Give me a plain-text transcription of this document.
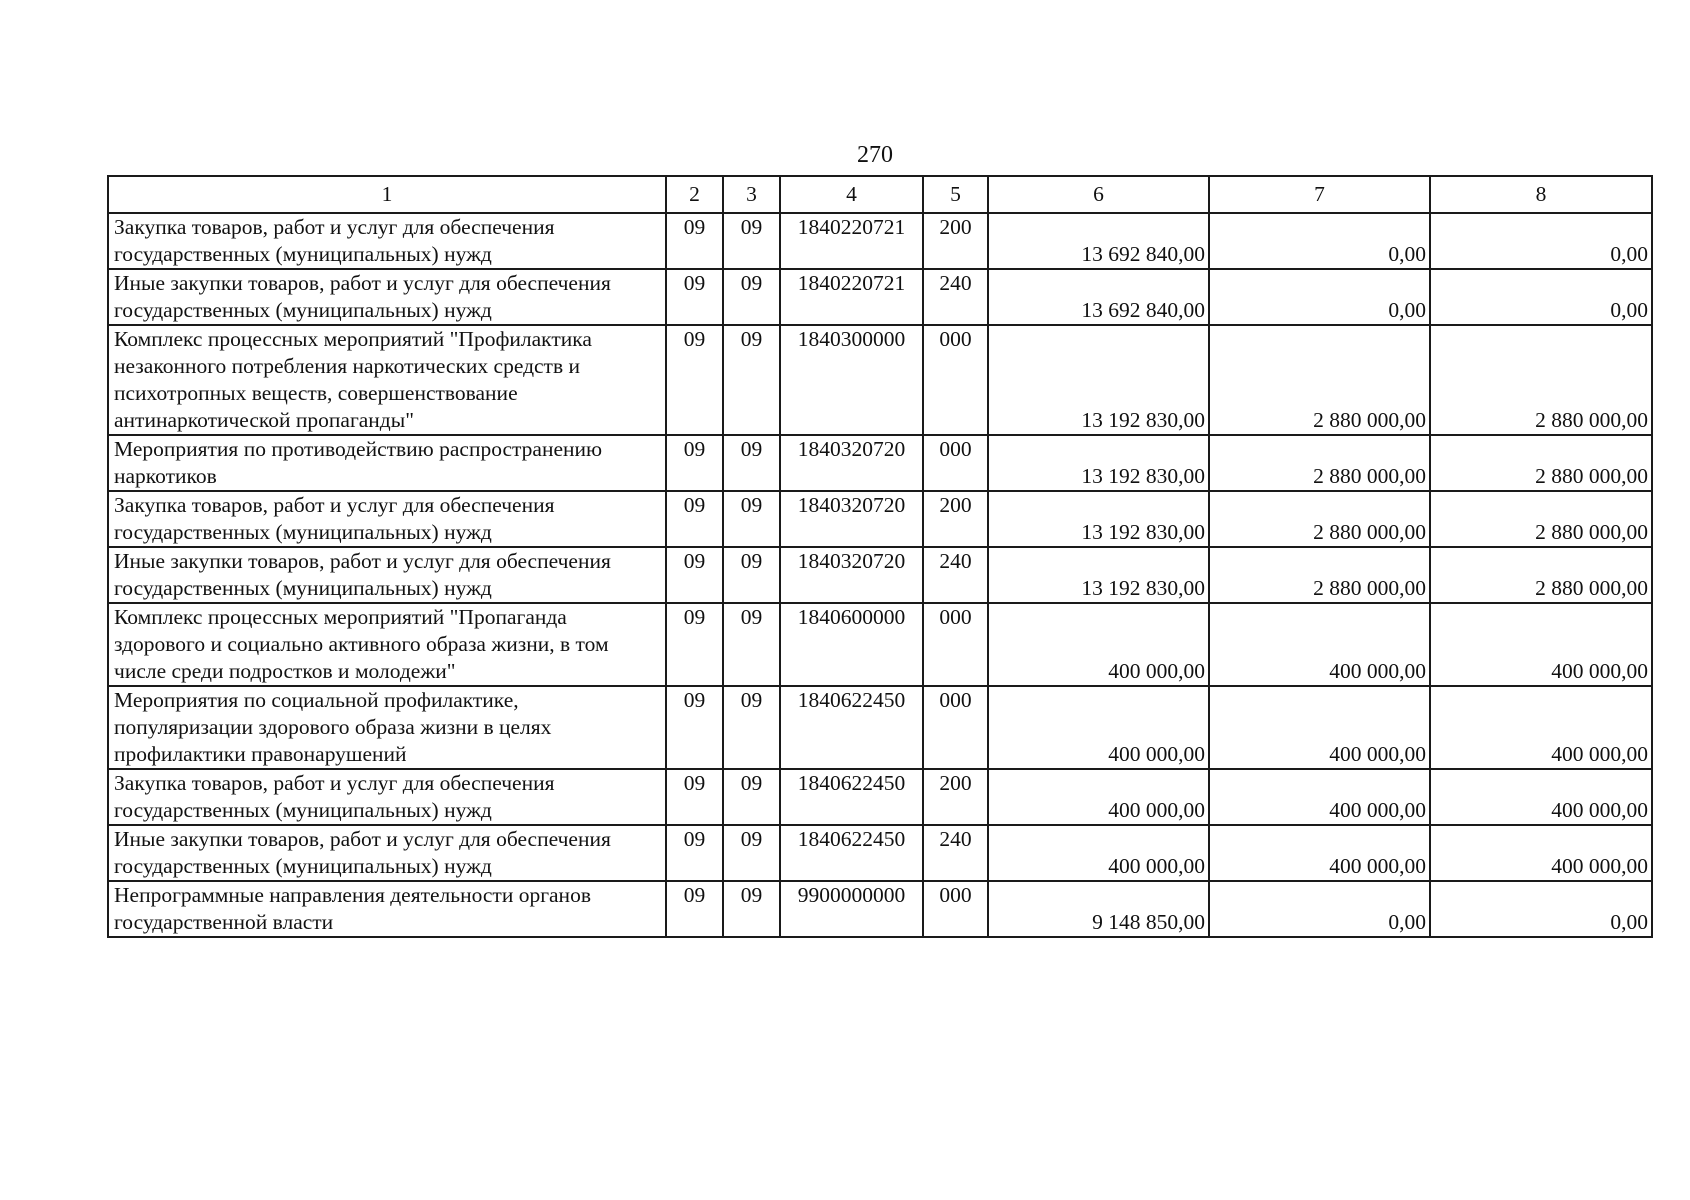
270
1	2	3	4	5	6	7	8
Закупка товаров, работ и услуг для обеспечения государственных (муниципальных) нужд	09	09	1840220721	200	13 692 840,00	0,00	0,00
Иные закупки товаров, работ и услуг для обеспечения государственных (муниципальных) нужд	09	09	1840220721	240	13 692 840,00	0,00	0,00
Комплекс процессных мероприятий "Профилактика незаконного потребления наркотических средств и психотропных веществ, совершенствование антинаркотической пропаганды"	09	09	1840300000	000	13 192 830,00	2 880 000,00	2 880 000,00
Мероприятия по противодействию распространению наркотиков	09	09	1840320720	000	13 192 830,00	2 880 000,00	2 880 000,00
Закупка товаров, работ и услуг для обеспечения государственных (муниципальных) нужд	09	09	1840320720	200	13 192 830,00	2 880 000,00	2 880 000,00
Иные закупки товаров, работ и услуг для обеспечения государственных (муниципальных) нужд	09	09	1840320720	240	13 192 830,00	2 880 000,00	2 880 000,00
Комплекс процессных мероприятий "Пропаганда здорового и социально активного образа жизни, в том числе среди подростков и молодежи"	09	09	1840600000	000	400 000,00	400 000,00	400 000,00
Мероприятия по социальной профилактике, популяризации здорового образа жизни в целях профилактики правонарушений	09	09	1840622450	000	400 000,00	400 000,00	400 000,00
Закупка товаров, работ и услуг для обеспечения государственных (муниципальных) нужд	09	09	1840622450	200	400 000,00	400 000,00	400 000,00
Иные закупки товаров, работ и услуг для обеспечения государственных (муниципальных) нужд	09	09	1840622450	240	400 000,00	400 000,00	400 000,00
Непрограммные направления деятельности органов государственной власти	09	09	9900000000	000	9 148 850,00	0,00	0,00
